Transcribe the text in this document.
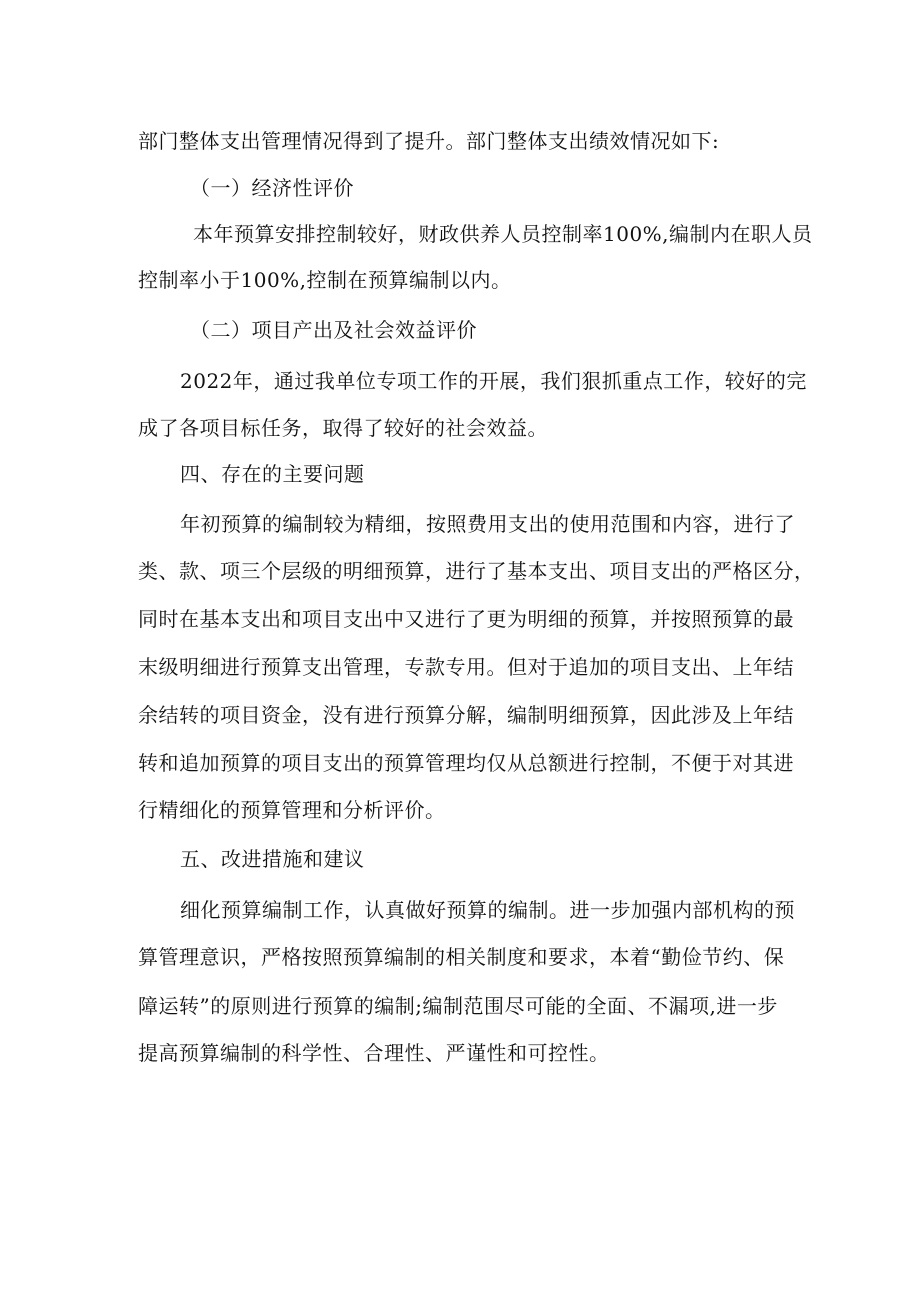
部门整体支出管理情况得到了提升。部门整体支出绩效情况如下:
（一）经济性评价
本年预算安排控制较好，财政供养人员控制率100%,编制内在职人员
控制率小于100%,控制在预算编制以内。
（二）项目产出及社会效益评价
2022年，通过我单位专项工作的开展，我们狠抓重点工作，较好的完
成了各项目标任务，取得了较好的社会效益。
四、存在的主要问题
年初预算的编制较为精细，按照费用支出的使用范围和内容，进行了
类、款、项三个层级的明细预算，进行了基本支出、项目支出的严格区分，
同时在基本支出和项目支出中又进行了更为明细的预算，并按照预算的最
末级明细进行预算支出管理，专款专用。但对于追加的项目支出、上年结
余结转的项目资金，没有进行预算分解，编制明细预算，因此涉及上年结
转和追加预算的项目支出的预算管理均仅从总额进行控制，不便于对其进
行精细化的预算管理和分析评价。
五、改进措施和建议
细化预算编制工作，认真做好预算的编制。进一步加强内部机构的预
算管理意识，严格按照预算编制的相关制度和要求，本着“勤俭节约、保
障运转”的原则进行预算的编制;编制范围尽可能的全面、不漏项,进一步
提高预算编制的科学性、合理性、严谨性和可控性。
